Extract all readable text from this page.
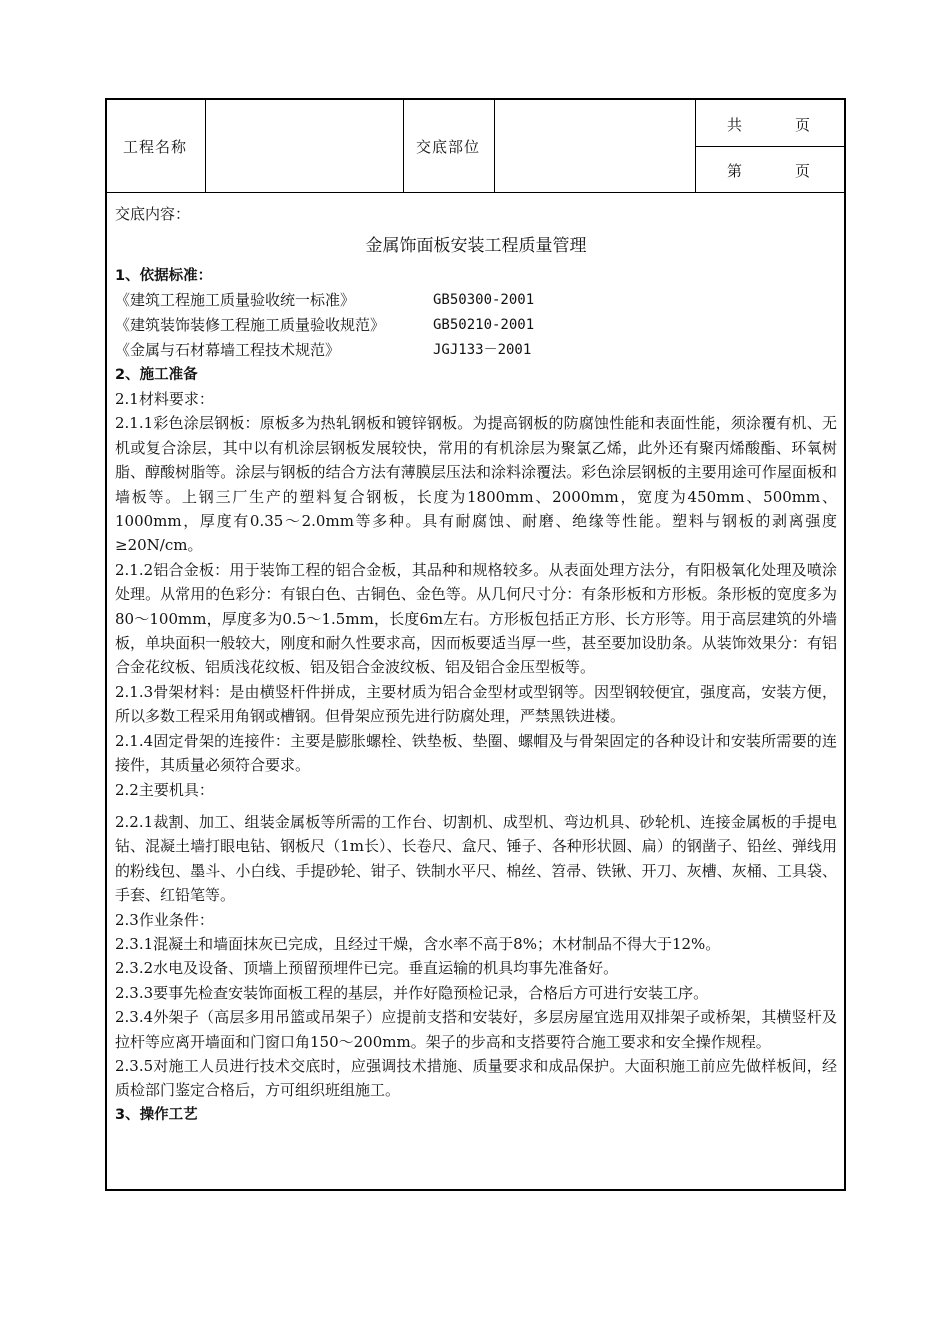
工程名称	交底部位
共	页
第	页
交底内容：
金属饰面板安装工程质量管理
1、依据标准：
《建筑工程施工质量验收统一标准》	GB50300-2001
《建筑装饰装修工程施工质量验收规范》	GB50210-2001
《金属与石材幕墙工程技术规范》	JGJ133－2001
2、施工准备

2.1材料要求：

2.1.1彩色涂层钢板：原板多为热轧钢板和镀锌钢板。为提高钢板的防腐蚀性能和表面性能，须涂覆有机、无机或复合涂层，其中以有机涂层钢板发展较快，常用的有机涂层为聚氯乙烯，此外还有聚丙烯酸酯、环氧树脂、醇酸树脂等。涂层与钢板的结合方法有薄膜层压法和涂料涂覆法。彩色涂层钢板的主要用途可作屋面板和墙板等。上钢三厂生产的塑料复合钢板，长度为1800mm、2000mm，宽度为450mm、500mm、1000mm，厚度有0.35～2.0mm等多种。具有耐腐蚀、耐磨、绝缘等性能。塑料与钢板的剥离强度≥20N/cm。

2.1.2铝合金板：用于装饰工程的铝合金板，其品种和规格较多。从表面处理方法分，有阳极氧化处理及喷涂处理。从常用的色彩分：有银白色、古铜色、金色等。从几何尺寸分：有条形板和方形板。条形板的宽度多为80～100mm，厚度多为0.5～1.5mm，长度6m左右。方形板包括正方形、长方形等。用于高层建筑的外墙板，单块面积一般较大，刚度和耐久性要求高，因而板要适当厚一些，甚至要加设肋条。从装饰效果分：有铝合金花纹板、铝质浅花纹板、铝及铝合金波纹板、铝及铝合金压型板等。

2.1.3骨架材料：是由横竖杆件拼成，主要材质为铝合金型材或型钢等。因型钢较便宜，强度高，安装方便，所以多数工程采用角钢或槽钢。但骨架应预先进行防腐处理，严禁黑铁进楼。

2.1.4固定骨架的连接件：主要是膨胀螺栓、铁垫板、垫圈、螺帽及与骨架固定的各种设计和安装所需要的连接件，其质量必须符合要求。

2.2主要机具：

2.2.1裁割、加工、组装金属板等所需的工作台、切割机、成型机、弯边机具、砂轮机、连接金属板的手提电钻、混凝土墙打眼电钻、钢板尺（1m长）、长卷尺、盒尺、锤子、各种形状圆、扁）的钢凿子、铅丝、弹线用的粉线包、墨斗、小白线、手提砂轮、钳子、铁制水平尺、棉丝、笤帚、铁锹、开刀、灰槽、灰桶、工具袋、手套、红铅笔等。

2.3作业条件：

2.3.1混凝土和墙面抹灰已完成，且经过干燥，含水率不高于8%；木材制品不得大于12%。

2.3.2水电及设备、顶墙上预留预埋件已完。垂直运输的机具均事先准备好。

2.3.3要事先检查安装饰面板工程的基层，并作好隐预检记录，合格后方可进行安装工序。

2.3.4外架子（高层多用吊篮或吊架子）应提前支搭和安装好，多层房屋宜选用双排架子或桥架，其横竖杆及拉杆等应离开墙面和门窗口角150～200mm。架子的步高和支搭要符合施工要求和安全操作规程。

2.3.5对施工人员进行技术交底时，应强调技术措施、质量要求和成品保护。大面积施工前应先做样板间，经质检部门鉴定合格后，方可组织班组施工。

3、操作工艺
